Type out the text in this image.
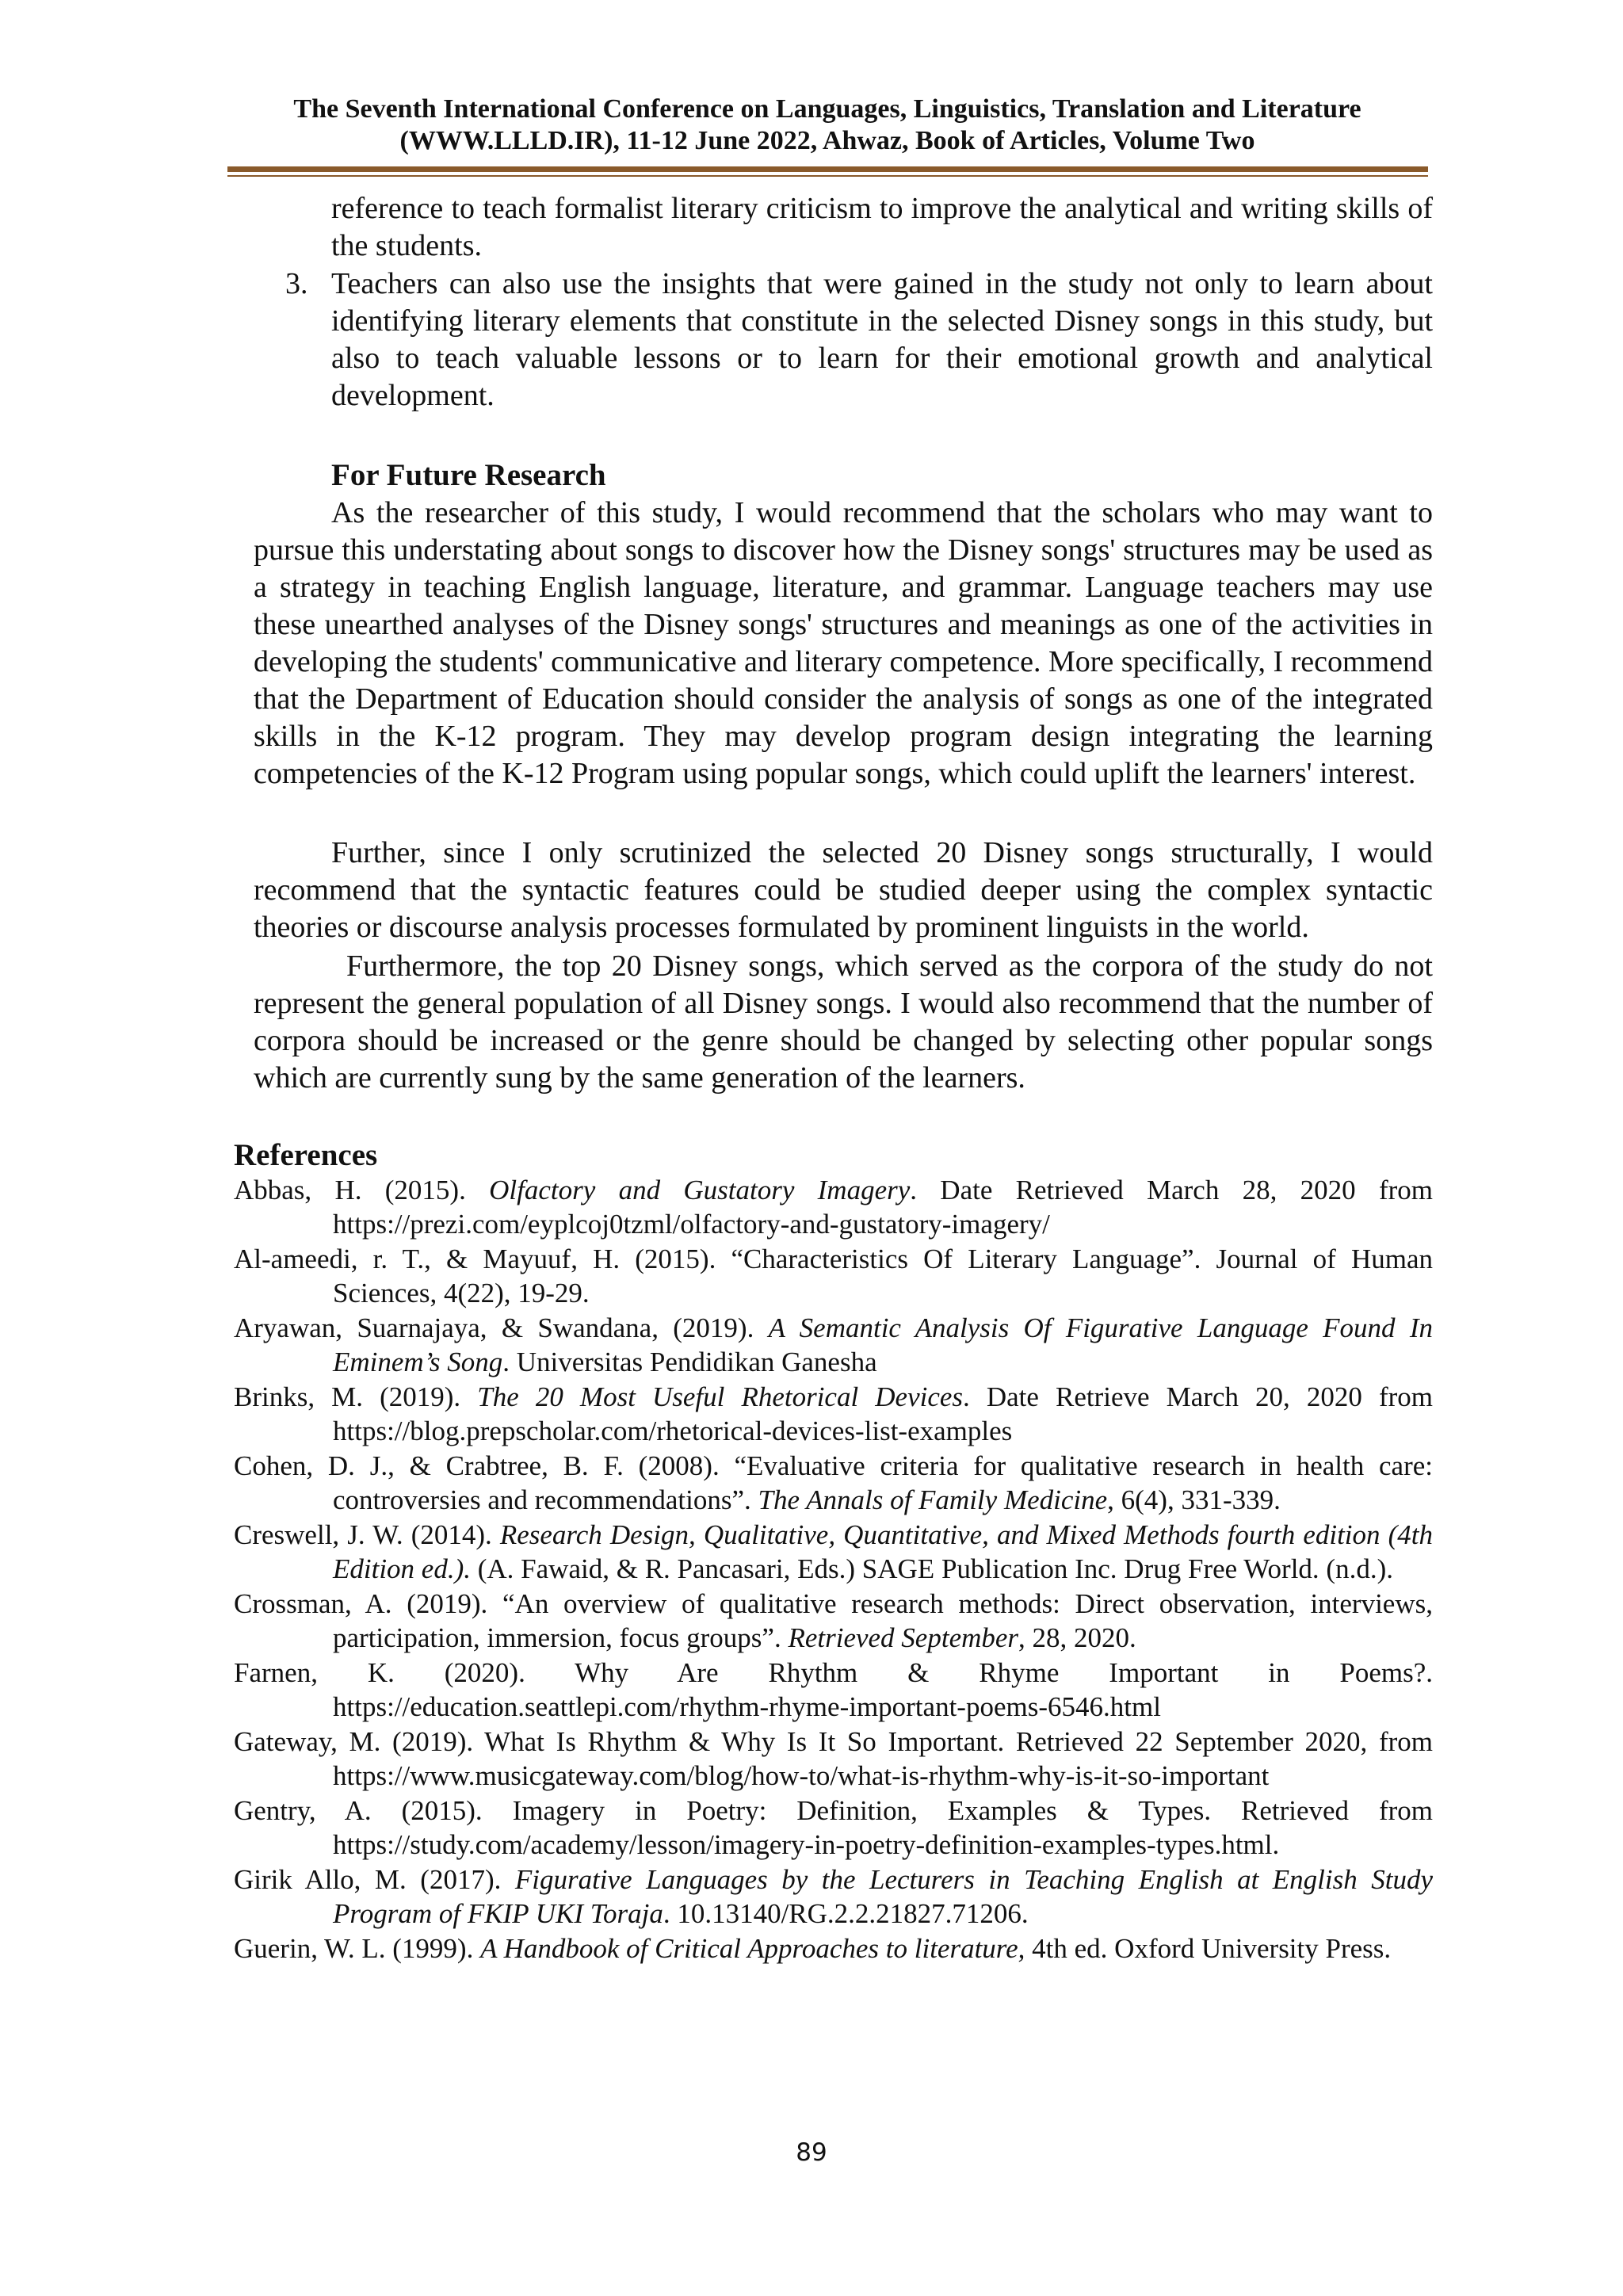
The Seventh International Conference on Languages, Linguistics, Translation and Literature
(WWW.LLLD.IR), 11-12 June 2022, Ahwaz, Book of Articles, Volume Two
reference to teach formalist literary criticism to improve the analytical and writing skills of the students.
3. Teachers can also use the insights that were gained in the study not only to learn about identifying literary elements that constitute in the selected Disney songs in this study, but also to teach valuable lessons or to learn for their emotional growth and analytical development.
For Future Research
As the researcher of this study, I would recommend that the scholars who may want to pursue this understating about songs to discover how the Disney songs' structures may be used as a strategy in teaching English language, literature, and grammar. Language teachers may use these unearthed analyses of the Disney songs' structures and meanings as one of the activities in developing the students' communicative and literary competence. More specifically, I recommend that the Department of Education should consider the analysis of songs as one of the integrated skills in the K-12 program. They may develop program design integrating the learning competencies of the K-12 Program using popular songs, which could uplift the learners' interest.
Further, since I only scrutinized the selected 20 Disney songs structurally, I would recommend that the syntactic features could be studied deeper using the complex syntactic theories or discourse analysis processes formulated by prominent linguists in the world.
Furthermore, the top 20 Disney songs, which served as the corpora of the study do not represent the general population of all Disney songs. I would also recommend that the number of corpora should be increased or the genre should be changed by selecting other popular songs which are currently sung by the same generation of the learners.
References
Abbas, H. (2015). Olfactory and Gustatory Imagery. Date Retrieved March 28, 2020 from https://prezi.com/eyplcoj0tzml/olfactory-and-gustatory-imagery/
Al-ameedi, r. T., & Mayuuf, H. (2015). “Characteristics Of Literary Language”. Journal of Human Sciences, 4(22), 19-29.
Aryawan, Suarnajaya, & Swandana, (2019). A Semantic Analysis Of Figurative Language Found In Eminem’s Song. Universitas Pendidikan Ganesha
Brinks, M. (2019). The 20 Most Useful Rhetorical Devices. Date Retrieve March 20, 2020 from https://blog.prepscholar.com/rhetorical-devices-list-examples
Cohen, D. J., & Crabtree, B. F. (2008). “Evaluative criteria for qualitative research in health care: controversies and recommendations”. The Annals of Family Medicine, 6(4), 331-339.
Creswell, J. W. (2014). Research Design, Qualitative, Quantitative, and Mixed Methods fourth edition (4th Edition ed.). (A. Fawaid, & R. Pancasari, Eds.) SAGE Publication Inc. Drug Free World. (n.d.).
Crossman, A. (2019). “An overview of qualitative research methods: Direct observation, interviews, participation, immersion, focus groups”. Retrieved September, 28, 2020.
Farnen, K. (2020). Why Are Rhythm & Rhyme Important in Poems?. https://education.seattlepi.com/rhythm-rhyme-important-poems-6546.html
Gateway, M. (2019). What Is Rhythm & Why Is It So Important. Retrieved 22 September 2020, from https://www.musicgateway.com/blog/how-to/what-is-rhythm-why-is-it-so-important
Gentry, A. (2015). Imagery in Poetry: Definition, Examples & Types. Retrieved from https://study.com/academy/lesson/imagery-in-poetry-definition-examples-types.html.
Girik Allo, M. (2017). Figurative Languages by the Lecturers in Teaching English at English Study Program of FKIP UKI Toraja. 10.13140/RG.2.2.21827.71206.
Guerin, W. L. (1999). A Handbook of Critical Approaches to literature, 4th ed. Oxford University Press.
89
